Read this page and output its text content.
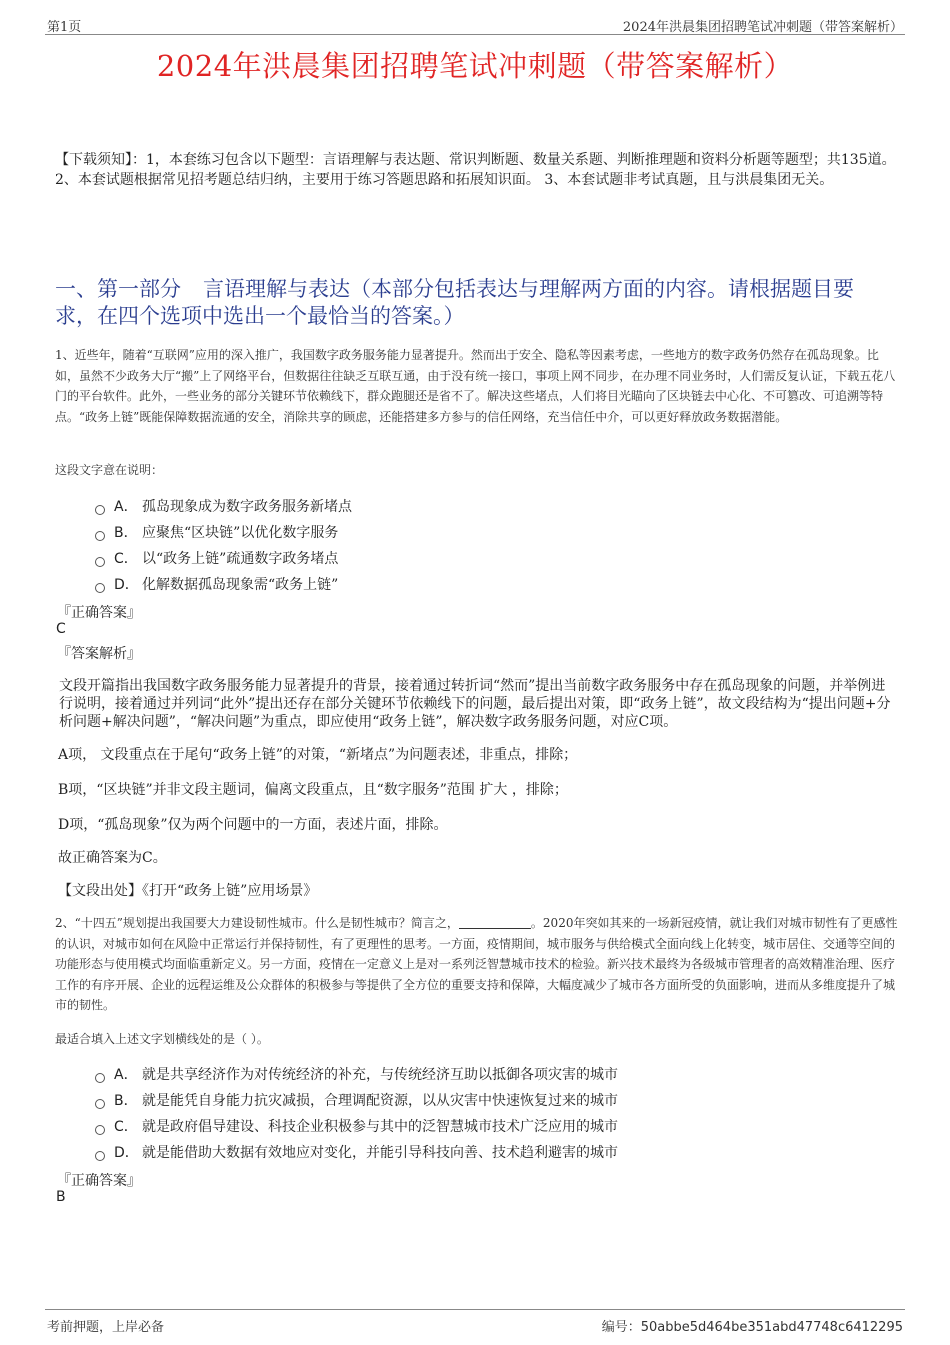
第1页	2024年洪晨集团招聘笔试冲刺题（带答案解析）
2024年洪晨集团招聘笔试冲刺题（带答案解析）
【下载须知】：1，本套练习包含以下题型：言语理解与表达题、常识判断题、数量关系题、判断推理题和资料分析题等题型；共135道。 2、本套试题根据常见招考题总结归纳，主要用于练习答题思路和拓展知识面。 3、本套试题非考试真题，且与洪晨集团无关。
一、第一部分 言语理解与表达（本部分包括表达与理解两方面的内容。请根据题目要求，在四个选项中选出一个最恰当的答案。）
1、近些年，随着“互联网”应用的深入推广，我国数字政务服务能力显著提升。然而出于安全、隐私等因素考虑，一些地方的数字政务仍然存在孤岛现象。比如，虽然不少政务大厅“搬”上了网络平台，但数据往往缺乏互联互通，由于没有统一接口，事项上网不同步，在办理不同业务时，人们需反复认证，下载五花八门的平台软件。此外，一些业务的部分关键环节依赖线下，群众跑腿还是省不了。解决这些堵点，人们将目光瞄向了区块链去中心化、不可篡改、可追溯等特点。“政务上链”既能保障数据流通的安全，消除共享的顾虑，还能搭建多方参与的信任网络，充当信任中介，可以更好释放政务数据潜能。
这段文字意在说明：
A． 孤岛现象成为数字政务服务新堵点
B． 应聚焦“区块链”以优化数字服务
C． 以“政务上链”疏通数字政务堵点
D． 化解数据孤岛现象需“政务上链”
『正确答案』
C
『答案解析』
文段开篇指出我国数字政务服务能力显著提升的背景，接着通过转折词“然而”提出当前数字政务服务中存在孤岛现象的问题，并举例进行说明，接着通过并列词“此外”提出还存在部分关键环节依赖线下的问题，最后提出对策，即“政务上链”，故文段结构为“提出问题+分析问题+解决问题”，“解决问题”为重点，即应使用“政务上链”，解决数字政务服务问题，对应C项。
A项， 文段重点在于尾句“政务上链”的对策，“新堵点”为问题表述，非重点，排除；
B项，“区块链”并非文段主题词，偏离文段重点，且“数字服务”范围 扩大 ，排除；
D项，“孤岛现象”仅为两个问题中的一方面，表述片面，排除。
故正确答案为C。
【文段出处】《打开“政务上链”应用场景》
2、“十四五”规划提出我国要大力建设韧性城市。什么是韧性城市？简言之，	。2020年突如其来的一场新冠疫情，就让我们对城市韧性有了更感性的认识，对城市如何在风险中正常运行并保持韧性，有了更理性的思考。一方面，疫情期间，城市服务与供给模式全面向线上化转变，城市居住、交通等空间的功能形态与使用模式均面临重新定义。另一方面，疫情在一定意义上是对一系列泛智慧城市技术的检验。新兴技术最终为各级城市管理者的高效精准治理、医疗工作的有序开展、企业的远程运维及公众群体的积极参与等提供了全方位的重要支持和保障，大幅度减少了城市各方面所受的负面影响，进而从多维度提升了城市的韧性。
最适合填入上述文字划横线处的是（ ）。
A． 就是共享经济作为对传统经济的补充，与传统经济互助以抵御各项灾害的城市
B． 就是能凭自身能力抗灾减损，合理调配资源，以从灾害中快速恢复过来的城市
C． 就是政府倡导建设、科技企业积极参与其中的泛智慧城市技术广泛应用的城市
D． 就是能借助大数据有效地应对变化，并能引导科技向善、技术趋利避害的城市
『正确答案』
B
考前押题，上岸必备	编号：50abbe5d464be351abd47748c6412295
